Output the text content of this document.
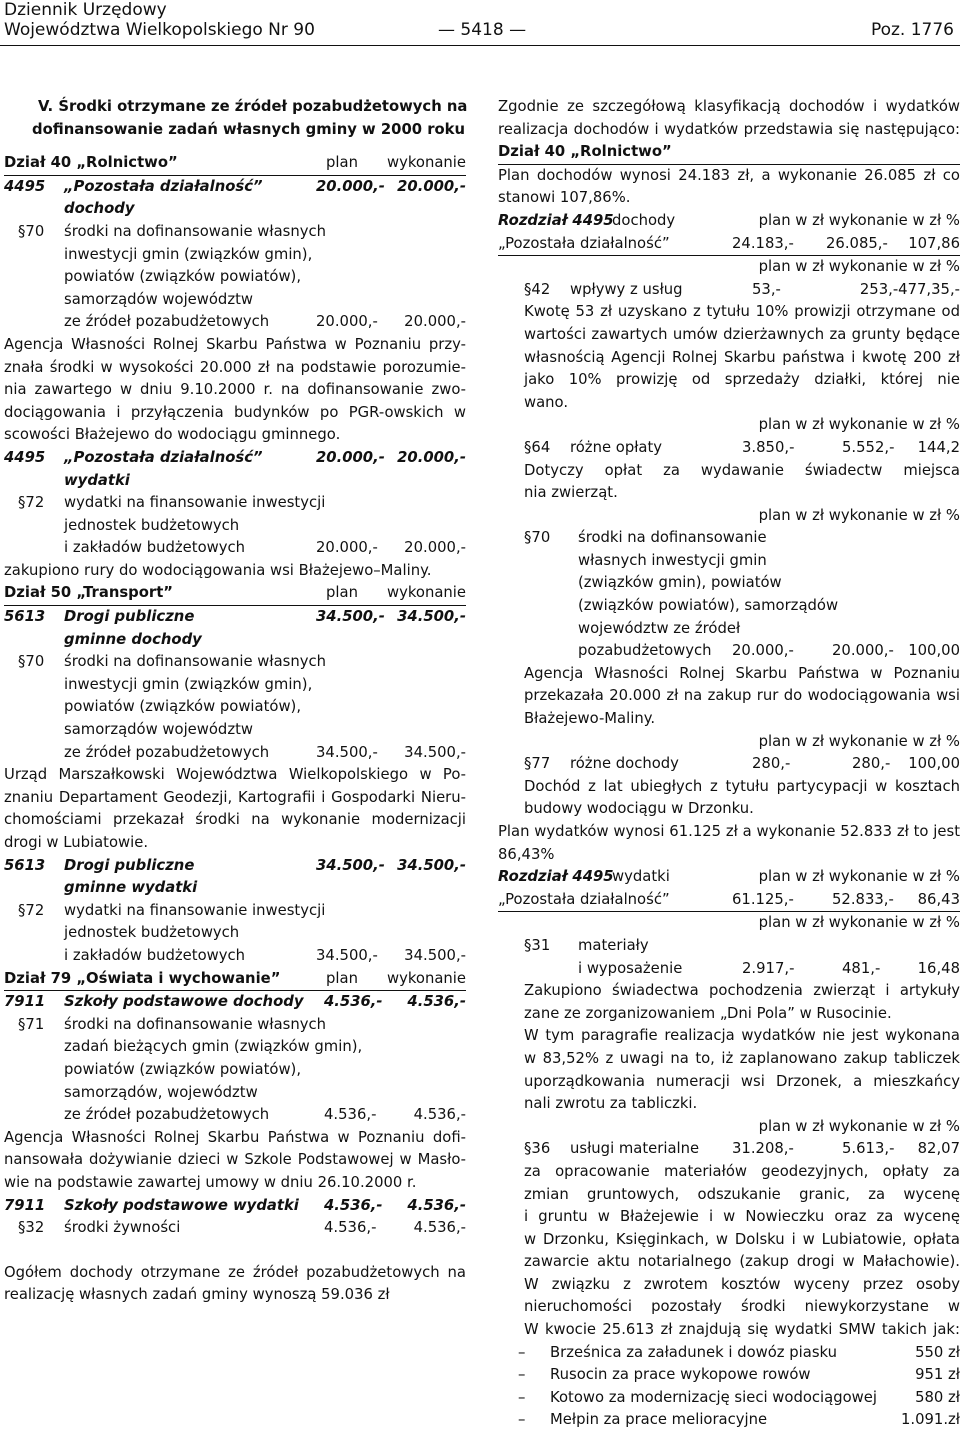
Dziennik Urzędowy
Województwa Wielkopolskiego Nr 90	— 5418 —	Poz. 1776
V. Środki otrzymane ze źródeł pozabudżetowych na
dofinansowanie zadań własnych gminy w 2000 roku
Dział 40 „Rolnictwo”	plan wykonanie
4495 „Pozostała działalność”	20.000,- 20.000,-
dochody
§70 środki na dofinansowanie własnych
inwestycji gmin (związków gmin),
powiatów (związków powiatów),
samorządów województw
ze źródeł pozabudżetowych	20.000,- 20.000,-
Agencja Własności Rolnej Skarbu Państwa w Poznaniu przy-
znała środki w wysokości 20.000 zł na podstawie porozumie-
nia zawartego w dniu 9.10.2000 r. na dofinansowanie zwo-
dociągowania i przyłączenia budynków po PGR-owskich w
scowości Błażejewo do wodociągu gminnego.
4495 „Pozostała działalność”	20.000,- 20.000,-
wydatki
§72 wydatki na finansowanie inwestycji
jednostek budżetowych
i zakładów budżetowych	20.000,- 20.000,-
zakupiono rury do wodociągowania wsi Błażejewo–Maliny.
Dział 50 „Transport”	plan wykonanie
5613 Drogi publiczne	34.500,- 34.500,-
gminne dochody
§70 środki na dofinansowanie własnych
inwestycji gmin (związków gmin),
powiatów (związków powiatów),
samorządów województw
ze źródeł pozabudżetowych	34.500,- 34.500,-
Urząd Marszałkowski Województwa Wielkopolskiego w Po-
znaniu Departament Geodezji, Kartografii i Gospodarki Nieru-
chomościami przekazał środki na wykonanie modernizacji
drogi w Lubiatowie.
5613 Drogi publiczne	34.500,- 34.500,-
gminne wydatki
§72 wydatki na finansowanie inwestycji
jednostek budżetowych
i zakładów budżetowych	34.500,- 34.500,-
Dział 79 „Oświata i wychowanie”	plan wykonanie
7911 Szkoły podstawowe dochody 4.536,- 4.536,-
§71 środki na dofinansowanie własnych
zadań bieżących gmin (związków gmin),
powiatów (związków powiatów),
samorządów, województw
ze źródeł pozabudżetowych	4.536,-	4.536,-
Agencja Własności Rolnej Skarbu Państwa w Poznaniu dofi-
nansowała dożywianie dzieci w Szkole Podstawowej w Masło-
wie na podstawie zawartej umowy w dniu 26.10.2000 r.
7911 Szkoły podstawowe wydatki 4.536,- 4.536,-
§32 środki żywności	4.536,-	4.536,-
Ogółem dochody otrzymane ze źródeł pozabudżetowych na
realizację własnych zadań gminy wynoszą 59.036 zł
Zgodnie ze szczegółową klasyfikacją dochodów i wydatków
realizacja dochodów i wydatków przedstawia się następująco:
Dział 40 „Rolnictwo”
Plan dochodów wynosi 24.183 zł, a wykonanie 26.085 zł co
stanowi 107,86%.
Rozdział 4495
dochody	plan w zł wykonanie w zł %
„Pozostała działalność”	24.183,- 26.085,- 107,86
plan w zł wykonanie w zł %
§42 wpływy z usług	53,-	253,-477,35,-
Kwotę 53 zł uzyskano z tytułu 10% prowizji otrzymane od
wartości zawartych umów dzierżawnych za grunty będące
własnością Agencji Rolnej Skarbu państwa i kwotę 200 zł
jako 10% prowizję od sprzedaży działki, której nie
wano.
plan w zł wykonanie w zł %
§64 różne opłaty	3.850,-	5.552,- 144,2
Dotyczy opłat za wydawanie świadectw miejsca
nia zwierząt.
plan w zł wykonanie w zł %
§70 środki na dofinansowanie
własnych inwestycji gmin
(związków gmin), powiatów
(związków powiatów), samorządów
województw ze źródeł
pozabudżetowych 20.000,-	20.000,- 100,00
Agencja Własności Rolnej Skarbu Państwa w Poznaniu
przekazała 20.000 zł na zakup rur do wodociągowania wsi
Błażejewo-Maliny.
plan w zł wykonanie w zł %
§77 różne dochody	280,-	280,- 100,00
Dochód z lat ubiegłych z tytułu partycypacji w kosztach
budowy wodociągu w Drzonku.
Plan wydatków wynosi 61.125 zł a wykonanie 52.833 zł to jest
86,43%
Rozdział 4495
wydatki	plan w zł wykonanie w zł %
„Pozostała działalność”	61.125,-	52.833,- 86,43
plan w zł wykonanie w zł %
§31 materiały
i wyposażenie	2.917,-	481,-	16,48
Zakupiono świadectwa pochodzenia zwierząt i artykuły
zane ze zorganizowaniem „Dni Pola” w Rusocinie.
W tym paragrafie realizacja wydatków nie jest wykonana
w 83,52% z uwagi na to, iż zaplanowano zakup tabliczek
uporządkowania numeracji wsi Drzonek, a mieszkańcy
nali zwrotu za tabliczki.
plan w zł wykonanie w zł %
§36 usługi materialne 31.208,-	5.613,- 82,07
za opracowanie materiałów geodezyjnych, opłaty za
zmian gruntowych, odszukanie granic, za wycenę
i gruntu w Błażejewie i w Nowieczku oraz za wycenę
w Drzonku, Księginkach, w Dolsku i w Lubiatowie, opłata
zawarcie aktu notarialnego (zakup drogi w Małachowie).
W związku z zwrotem kosztów wyceny przez osoby
nieruchomości pozostały środki niewykorzystane w
W kwocie 25.613 zł znajdują się wydatki SMW takich jak:
– Brześnica za załadunek i dowóz piasku	550 zł
– Rusocin za prace wykopowe rowów	951 zł
– Kotowo za modernizację sieci wodociągowej	580 zł
– Mełpin za prace melioracyjne	1.091.zł
